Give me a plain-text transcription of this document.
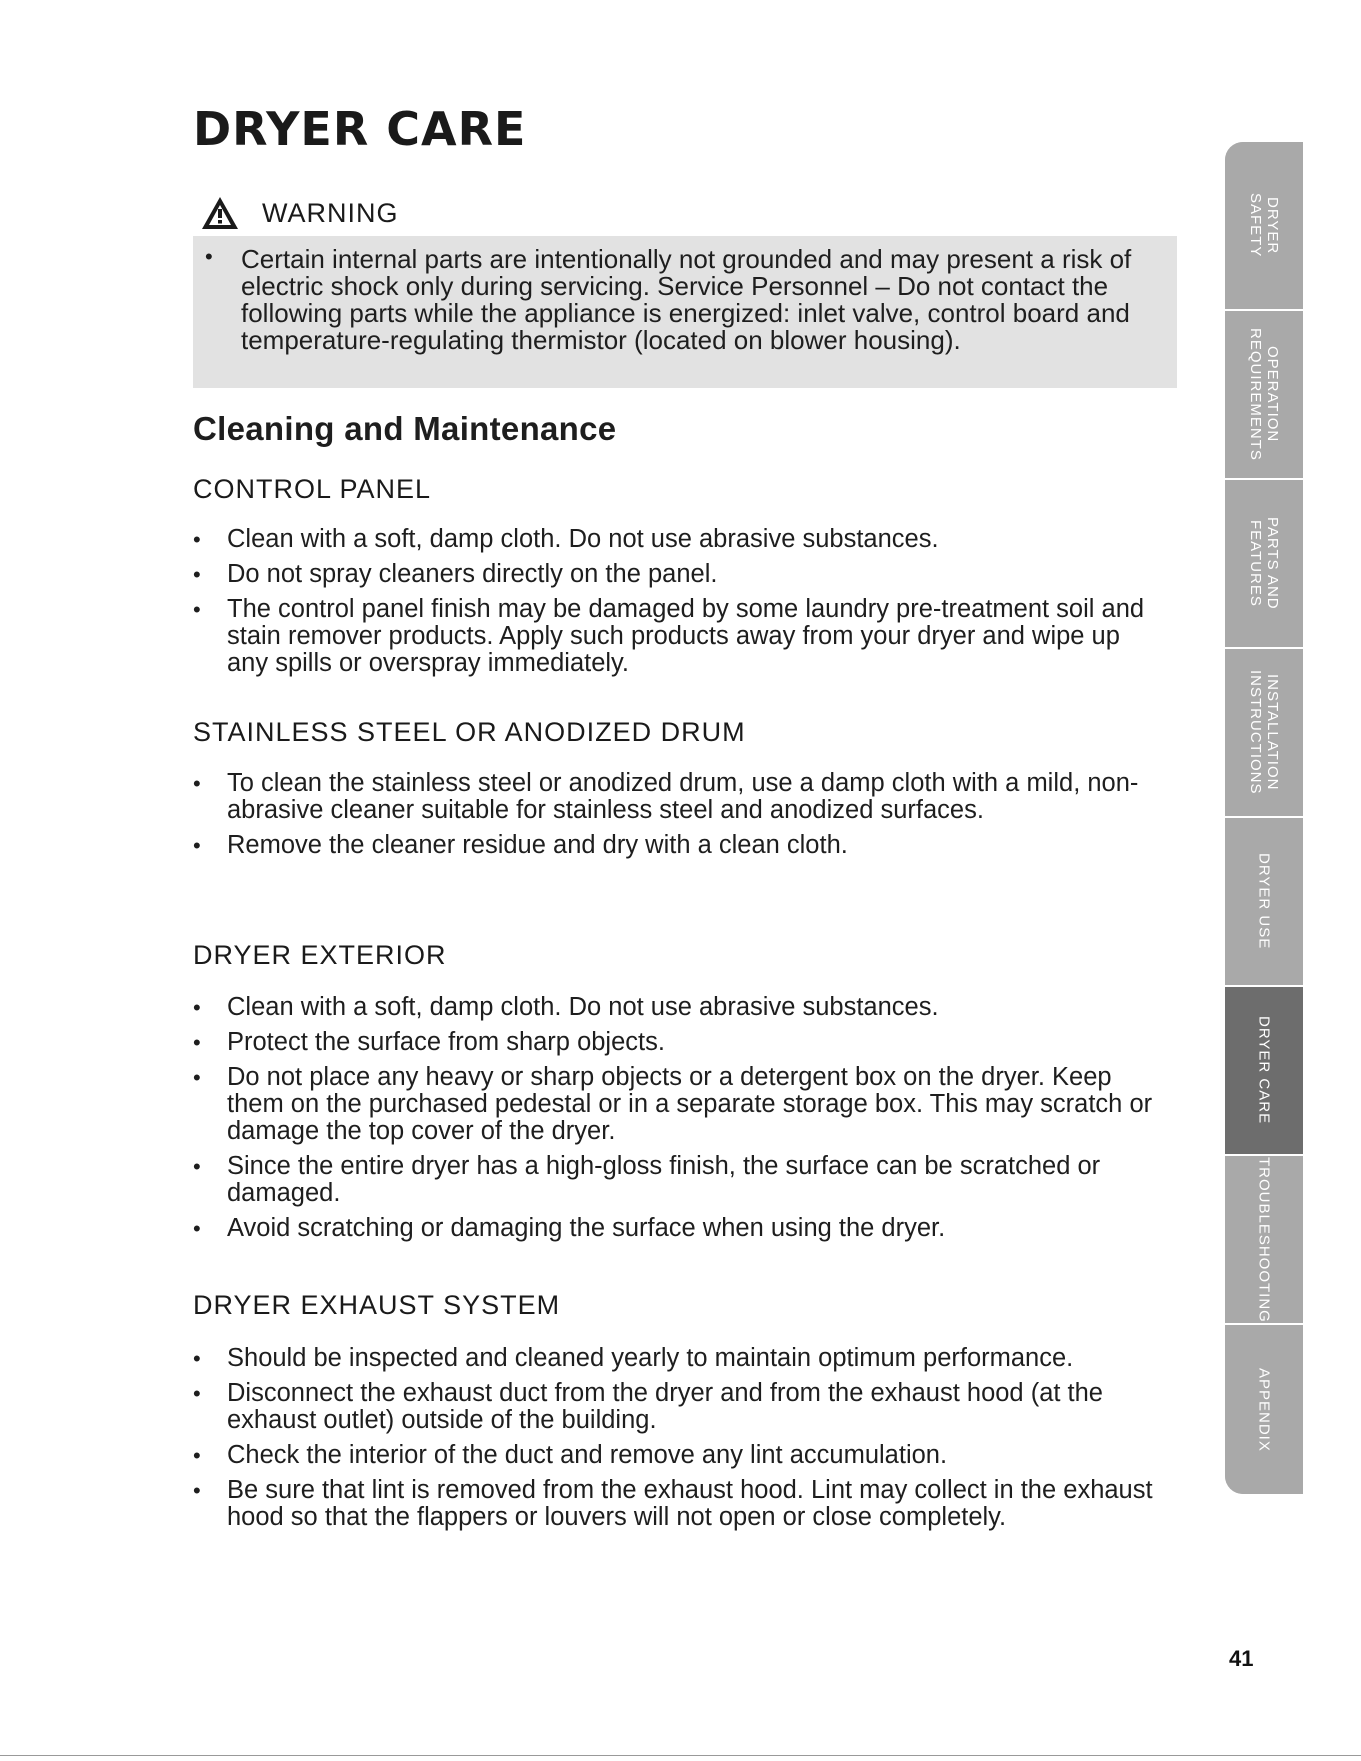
DRYER CARE
WARNING
• Certain internal parts are intentionally not grounded and may present a risk of electric shock only during servicing. Service Personnel – Do not contact the following parts while the appliance is energized: inlet valve, control board and temperature-regulating thermistor (located on blower housing).
Cleaning and Maintenance
CONTROL PANEL
• Clean with a soft, damp cloth. Do not use abrasive substances.
• Do not spray cleaners directly on the panel.
• The control panel finish may be damaged by some laundry pre-treatment soil and stain remover products. Apply such products away from your dryer and wipe up any spills or overspray immediately.
STAINLESS STEEL OR ANODIZED DRUM
• To clean the stainless steel or anodized drum, use a damp cloth with a mild, non-abrasive cleaner suitable for stainless steel and anodized surfaces.
• Remove the cleaner residue and dry with a clean cloth.
DRYER EXTERIOR
• Clean with a soft, damp cloth. Do not use abrasive substances.
• Protect the surface from sharp objects.
• Do not place any heavy or sharp objects or a detergent box on the dryer. Keep them on the purchased pedestal or in a separate storage box. This may scratch or damage the top cover of the dryer.
• Since the entire dryer has a high-gloss finish, the surface can be scratched or damaged.
• Avoid scratching or damaging the surface when using the dryer.
DRYER EXHAUST SYSTEM
• Should be inspected and cleaned yearly to maintain optimum performance.
• Disconnect the exhaust duct from the dryer and from the exhaust hood (at the exhaust outlet) outside of the building.
• Check the interior of the duct and remove any lint accumulation.
• Be sure that lint is removed from the exhaust hood. Lint may collect in the exhaust hood so that the flappers or louvers will not open or close completely.
DRYER
SAFETY
OPERATION
REQUIREMENTS
PARTS AND
FEATURES
INSTALLATION
INSTRUCTIONS
DRYER USE
DRYER CARE
TROUBLESHOOTING
APPENDIX
41
